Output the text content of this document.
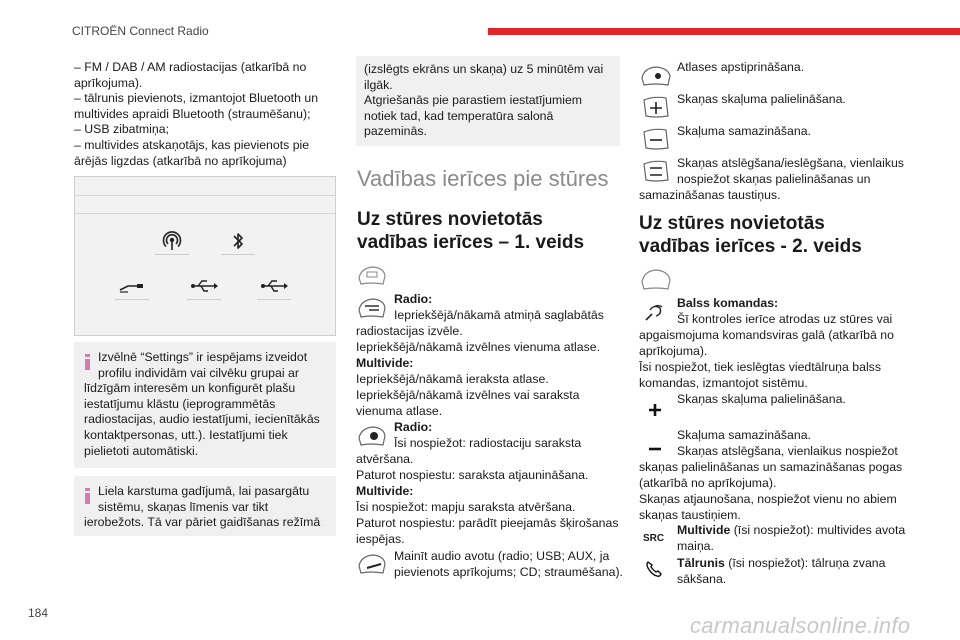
CITROËN Connect Radio
184	carmanualsonline.info

– FM / DAB / AM radiostacijas (atkarībā no

aprīkojuma).

– tālrunis pievienots, izmantojot Bluetooth un

multivides apraidi Bluetooth (straumēšanu);

– USB zibatmiņa;

– multivides atskaņotājs, kas pievienots pie

ārējās ligzdas (atkarībā no aprīkojuma)

Izvēlnē “Settings” ir iespējams izveidot

profilu individām vai cilvēku grupai ar

līdzīgām interesēm un konfigurēt plašu

iestatījumu klāstu (ieprogrammētās

radiostacijas, audio iestatījumi, iecienītākās

kontaktpersonas, utt.). Iestatījumi tiek

pielietoti automātiski.

Liela karstuma gadījumā, lai pasargātu

sistēmu, skaņas līmenis var tikt

ierobežots. Tā var pāriet gaidīšanas režīmā

(izslēgts ekrāns un skaņa) uz 5 minūtēm vai

ilgāk.

Atgriešanās pie parastiem iestatījumiem

notiek tad, kad temperatūra salonā

pazeminās.

Vadības ierīces pie stūres
Uz stūres novietotās
vadības ierīces – 1. veids
Radio:
Iepriekšējā/nākamā atmiņā saglabātās
radiostacijas izvēle.
Iepriekšējā/nākamā izvēlnes vienuma atlase.
Multivide:
Iepriekšējā/nākamā ieraksta atlase.
Iepriekšējā/nākamā izvēlnes vai saraksta
vienuma atlase.
Radio:
Īsi nospiežot: radiostaciju saraksta
atvēršana.
Paturot nospiestu: saraksta atjaunināšana.
Multivide:
Īsi nospiežot: mapju saraksta atvēršana.
Paturot nospiestu: parādīt pieejamās šķirošanas
iespējas.
Mainīt audio avotu (radio; USB; AUX, ja
pievienots aprīkojums; CD; straumēšana).
Atlases apstiprināšana.
Skaņas skaļuma palielināšana.
Skaļuma samazināšana.
Skaņas atslēgšana/ieslēgšana, vienlaikus
nospiežot skaņas palielināšanas un
samazināšanas taustiņus.
Uz stūres novietotās
vadības ierīces - 2. veids
Balss komandas:
Šī kontroles ierīce atrodas uz stūres vai
apgaismojuma komandsviras galā (atkarībā no
aprīkojuma).
Īsi nospiežot, tiek ieslēgtas viedtālruņa balss
komandas, izmantojot sistēmu.
Skaņas skaļuma palielināšana.
Skaļuma samazināšana.
Skaņas atslēgšana, vienlaikus nospiežot
skaņas palielināšanas un samazināšanas pogas
(atkarībā no aprīkojuma).
Skaņas atjaunošana, nospiežot vienu no abiem
skaņas taustiņiem.
SRC
Multivide (īsi nospiežot): multivides avota
maiņa.
Tālrunis (īsi nospiežot): tālruņa zvana
sākšana.
